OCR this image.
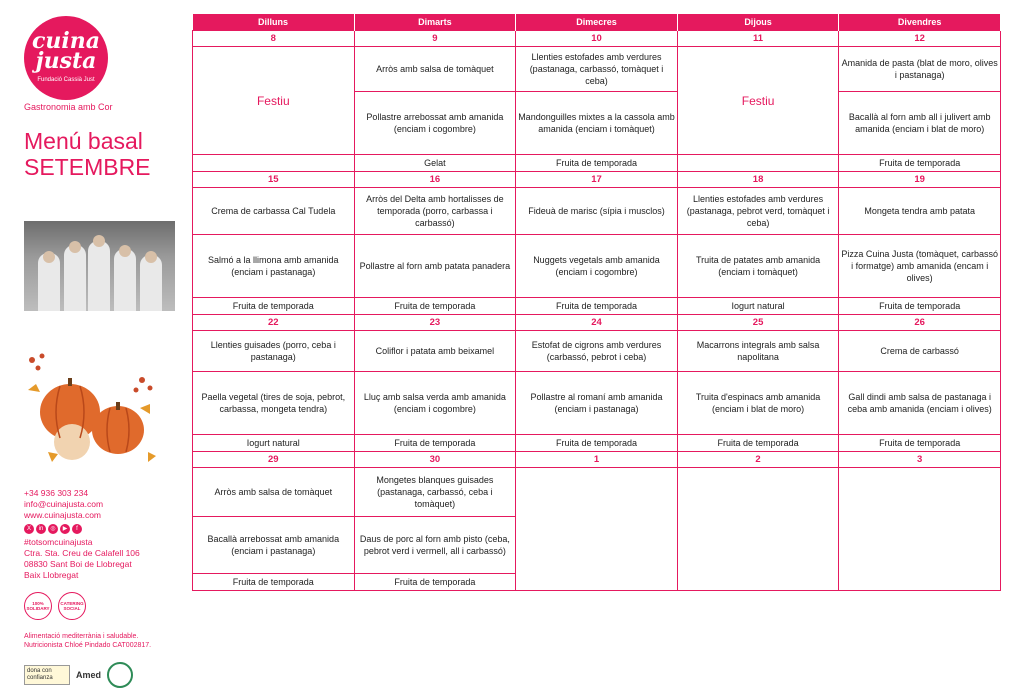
cuina
justa
Fundació Cassià Just
Gastronomia amb Cor
Menú basal
SETEMBRE
+34 936 303 234
info@cuinajusta.com
www.cuinajusta.com
X	in	◎	▶	f
#totsomcuinajusta
Ctra. Sta. Creu de Calafell 106
08830 Sant Boi de Llobregat
Baix Llobregat
100% SOLIDARY
CATERING SOCIAL
Alimentació mediterrània i saludable.
Nutricionista Chloé Pindado CAT002817.
dona con confianza	Amed
Dilluns	Dimarts	Dimecres	Dijous	Divendres
8	9	10	11	12
Festiu	Arròs amb salsa de tomàquet	Llenties estofades amb verdures (pastanaga, carbassó, tomàquet i ceba)	Festiu	Amanida de pasta (blat de moro, olives i pastanaga)
	Pollastre arrebossat amb amanida (enciam i cogombre)	Mandonguilles mixtes a la cassola amb amanida (enciam i tomàquet)		Bacallà al forn amb all i julivert amb amanida (enciam i blat de moro)
	Gelat	Fruita de temporada		Fruita de temporada
15	16	17	18	19
Crema de carbassa Cal Tudela	Arròs del Delta amb hortalisses de temporada (porro, carbassa i carbassó)	Fideuà de marisc (sípia i musclos)	Llenties estofades amb verdures (pastanaga, pebrot verd, tomàquet i ceba)	Mongeta tendra amb patata
Salmó a la llimona amb amanida (enciam i pastanaga)	Pollastre al forn amb patata panadera	Nuggets vegetals amb amanida (enciam i cogombre)	Truita de patates amb amanida (enciam i tomàquet)	Pizza Cuina Justa (tomàquet, carbassó i formatge) amb amanida (encam i olives)
Fruita de temporada	Fruita de temporada	Fruita de temporada	Iogurt natural	Fruita de temporada
22	23	24	25	26
Llenties guisades (porro, ceba i pastanaga)	Coliflor i patata amb beixamel	Estofat de cigrons amb verdures (carbassó, pebrot i ceba)	Macarrons integrals amb salsa napolitana	Crema de carbassó
Paella vegetal (tires de soja, pebrot, carbassa, mongeta tendra)	Lluç amb salsa verda amb amanida (enciam i cogombre)	Pollastre al romaní amb amanida (enciam i pastanaga)	Truita d'espinacs amb amanida (enciam i blat de moro)	Gall dindi amb salsa de pastanaga i ceba amb amanida (enciam i olives)
Iogurt natural	Fruita de temporada	Fruita de temporada	Fruita de temporada	Fruita de temporada
29	30	1	2	3
Arròs amb salsa de tomàquet	Mongetes blanques guisades (pastanaga, carbassó, ceba i tomàquet)			
Bacallà arrebossat amb amanida (enciam i pastanaga)	Daus de porc al forn amb pisto (ceba, pebrot verd i vermell, all i carbassó)			
Fruita de temporada	Fruita de temporada			
